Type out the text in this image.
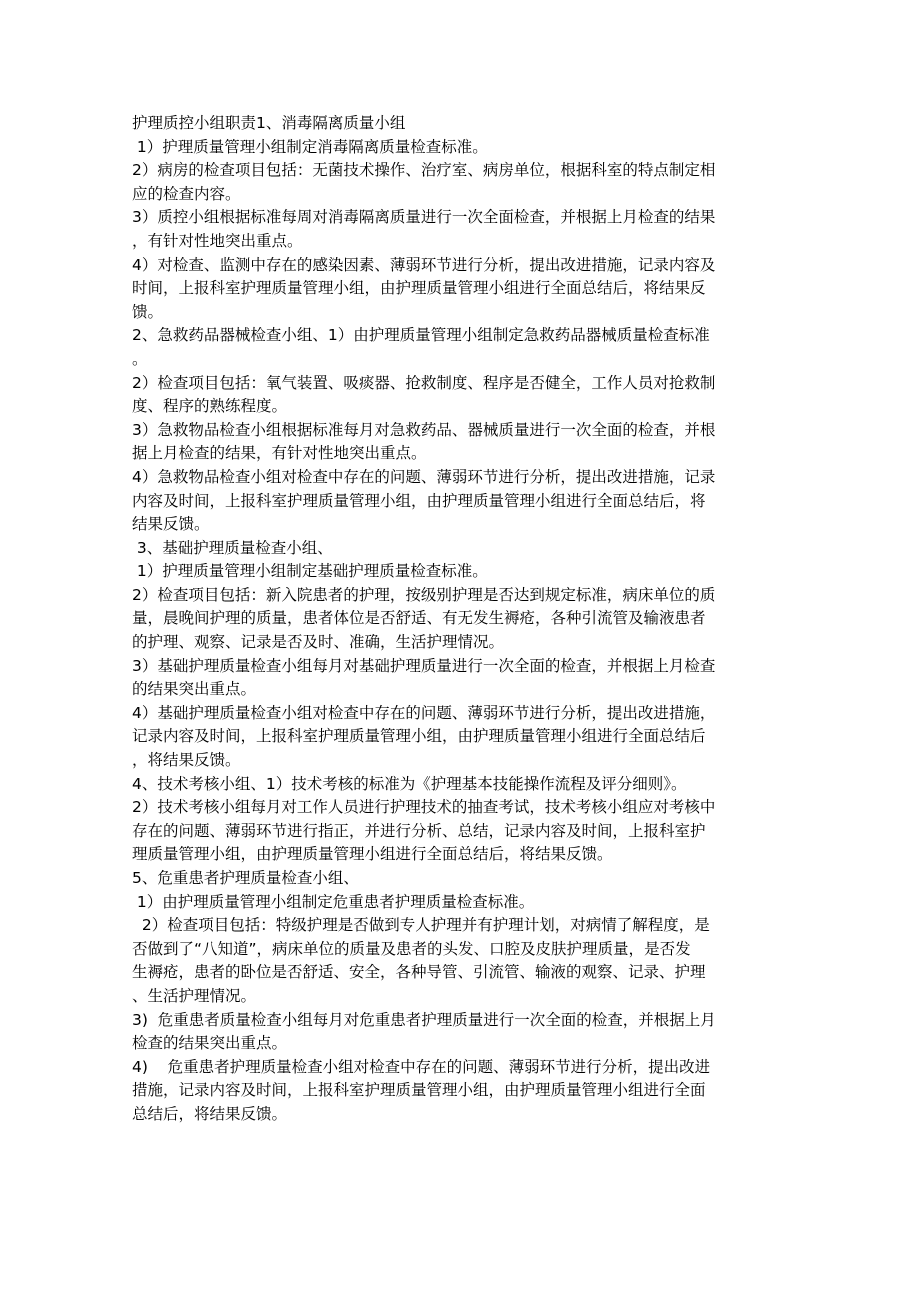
护理质控小组职责1、消毒隔离质量小组
1）护理质量管理小组制定消毒隔离质量检查标准。
2）病房的检查项目包括：无菌技术操作、治疗室、病房单位，根据科室的特点制定相
应的检查内容。
3）质控小组根据标准每周对消毒隔离质量进行一次全面检查，并根据上月检查的结果
，有针对性地突出重点。
4）对检查、监测中存在的感染因素、薄弱环节进行分析，提出改进措施，记录内容及
时间，上报科室护理质量管理小组，由护理质量管理小组进行全面总结后，将结果反
馈。
2、急救药品器械检查小组、1）由护理质量管理小组制定急救药品器械质量检查标准
。
2）检查项目包括：氧气装置、吸痰器、抢救制度、程序是否健全，工作人员对抢救制
度、程序的熟练程度。
3）急救物品检查小组根据标准每月对急救药品、器械质量进行一次全面的检查，并根
据上月检查的结果，有针对性地突出重点。
4）急救物品检查小组对检查中存在的问题、薄弱环节进行分析，提出改进措施，记录
内容及时间，上报科室护理质量管理小组，由护理质量管理小组进行全面总结后，将
结果反馈。
3、基础护理质量检查小组、
1）护理质量管理小组制定基础护理质量检查标准。
2）检查项目包括：新入院患者的护理，按级别护理是否达到规定标准，病床单位的质
量，晨晚间护理的质量，患者体位是否舒适、有无发生褥疮，各种引流管及输液患者
的护理、观察、记录是否及时、准确，生活护理情况。
3）基础护理质量检查小组每月对基础护理质量进行一次全面的检查，并根据上月检查
的结果突出重点。
4）基础护理质量检查小组对检查中存在的问题、薄弱环节进行分析，提出改进措施，
记录内容及时间，上报科室护理质量管理小组，由护理质量管理小组进行全面总结后
，将结果反馈。
4、技术考核小组、1）技术考核的标准为《护理基本技能操作流程及评分细则》。
2）技术考核小组每月对工作人员进行护理技术的抽查考试，技术考核小组应对考核中
存在的问题、薄弱环节进行指正，并进行分析、总结，记录内容及时间，上报科室护
理质量管理小组，由护理质量管理小组进行全面总结后，将结果反馈。
5、危重患者护理质量检查小组、
1）由护理质量管理小组制定危重患者护理质量检查标准。
2）检查项目包括：特级护理是否做到专人护理并有护理计划，对病情了解程度，是
否做到了“八知道”，病床单位的质量及患者的头发、口腔及皮肤护理质量，是否发
生褥疮，患者的卧位是否舒适、安全，各种导管、引流管、输液的观察、记录、护理
、生活护理情况。
3)  危重患者质量检查小组每月对危重患者护理质量进行一次全面的检查，并根据上月
检查的结果突出重点。
4)    危重患者护理质量检查小组对检查中存在的问题、薄弱环节进行分析，提出改进
措施，记录内容及时间，上报科室护理质量管理小组，由护理质量管理小组进行全面
总结后，将结果反馈。
